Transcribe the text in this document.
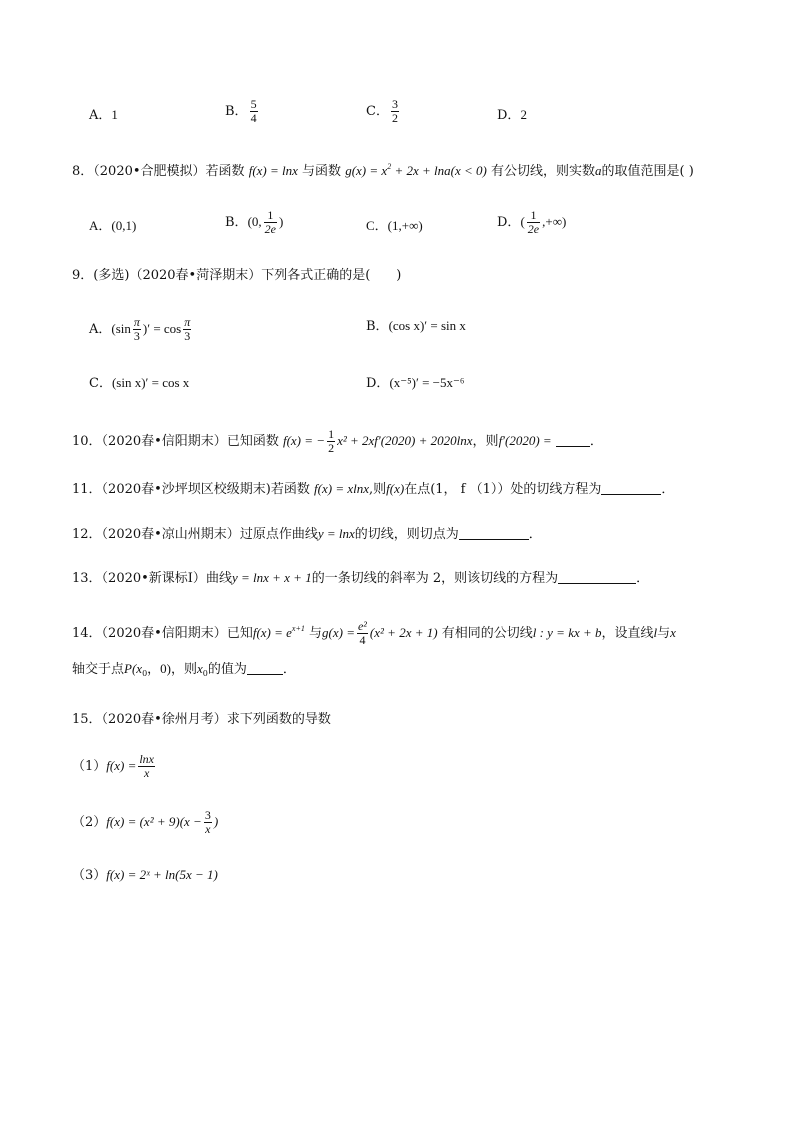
A．1	B． $\frac{5}{4}$	C． $\frac{3}{2}$	D．2
8．（2020•合肥模拟）若函数 f(x) = lnx 与函数 $g(x) = x^2 + 2x + \ln a(x < 0)$ 有公切线，则实数a的取值范围是( )
A．(0,1)	B．(0, $\frac{1}{2e}$ )	C．(1,+∞)	D．( $\frac{1}{2e}$ ,+∞)
9．(多选)（2020春•菏泽期末）下列各式正确的是(　　)
A．($\sin \frac{\pi}{3}$ )′ = $\cos \frac{\pi}{3}$	B．(cos x)′ = sin x
C．(sin x)′ = cos x	D．(x⁻⁵)′ = −5x⁻⁶
10．（2020春•信阳期末）已知函数 f(x) = − $\frac{1}{2} x^2 + 2xf'(2020) + 2020\ln x$，则f′(2020) =	．
11．（2020春•沙坪坝区校级期末)若函数 f(x) = xlnx,则f(x)在点(1， f （1））处的切线方程为	．
12．（2020春•凉山州期末）过原点作曲线y = lnx的切线，则切点为	．
13．（2020•新课标Ⅰ）曲线y = lnx + x + 1的一条切线的斜率为 2，则该切线的方程为	．
14．（2020春•信阳期末）已知$f(x) = e^{x+1}$ 与$g(x) = \frac{\text{e²}}{4} (x^2 + 2x + 1)$ 有相同的公切线l : y = kx + b，设直线l与x
轴交于点$P(x_0$，0)，则$x_0$的值为	．
15．（2020春•徐州月考）求下列函数的导数
$(1)f(x) = \frac{\ln x}{x}$
$(2)f(x) = (x^2 + 9)(x - \frac{3}{x}$ )
（3）f(x) = 2ˣ + ln(5x − 1)
